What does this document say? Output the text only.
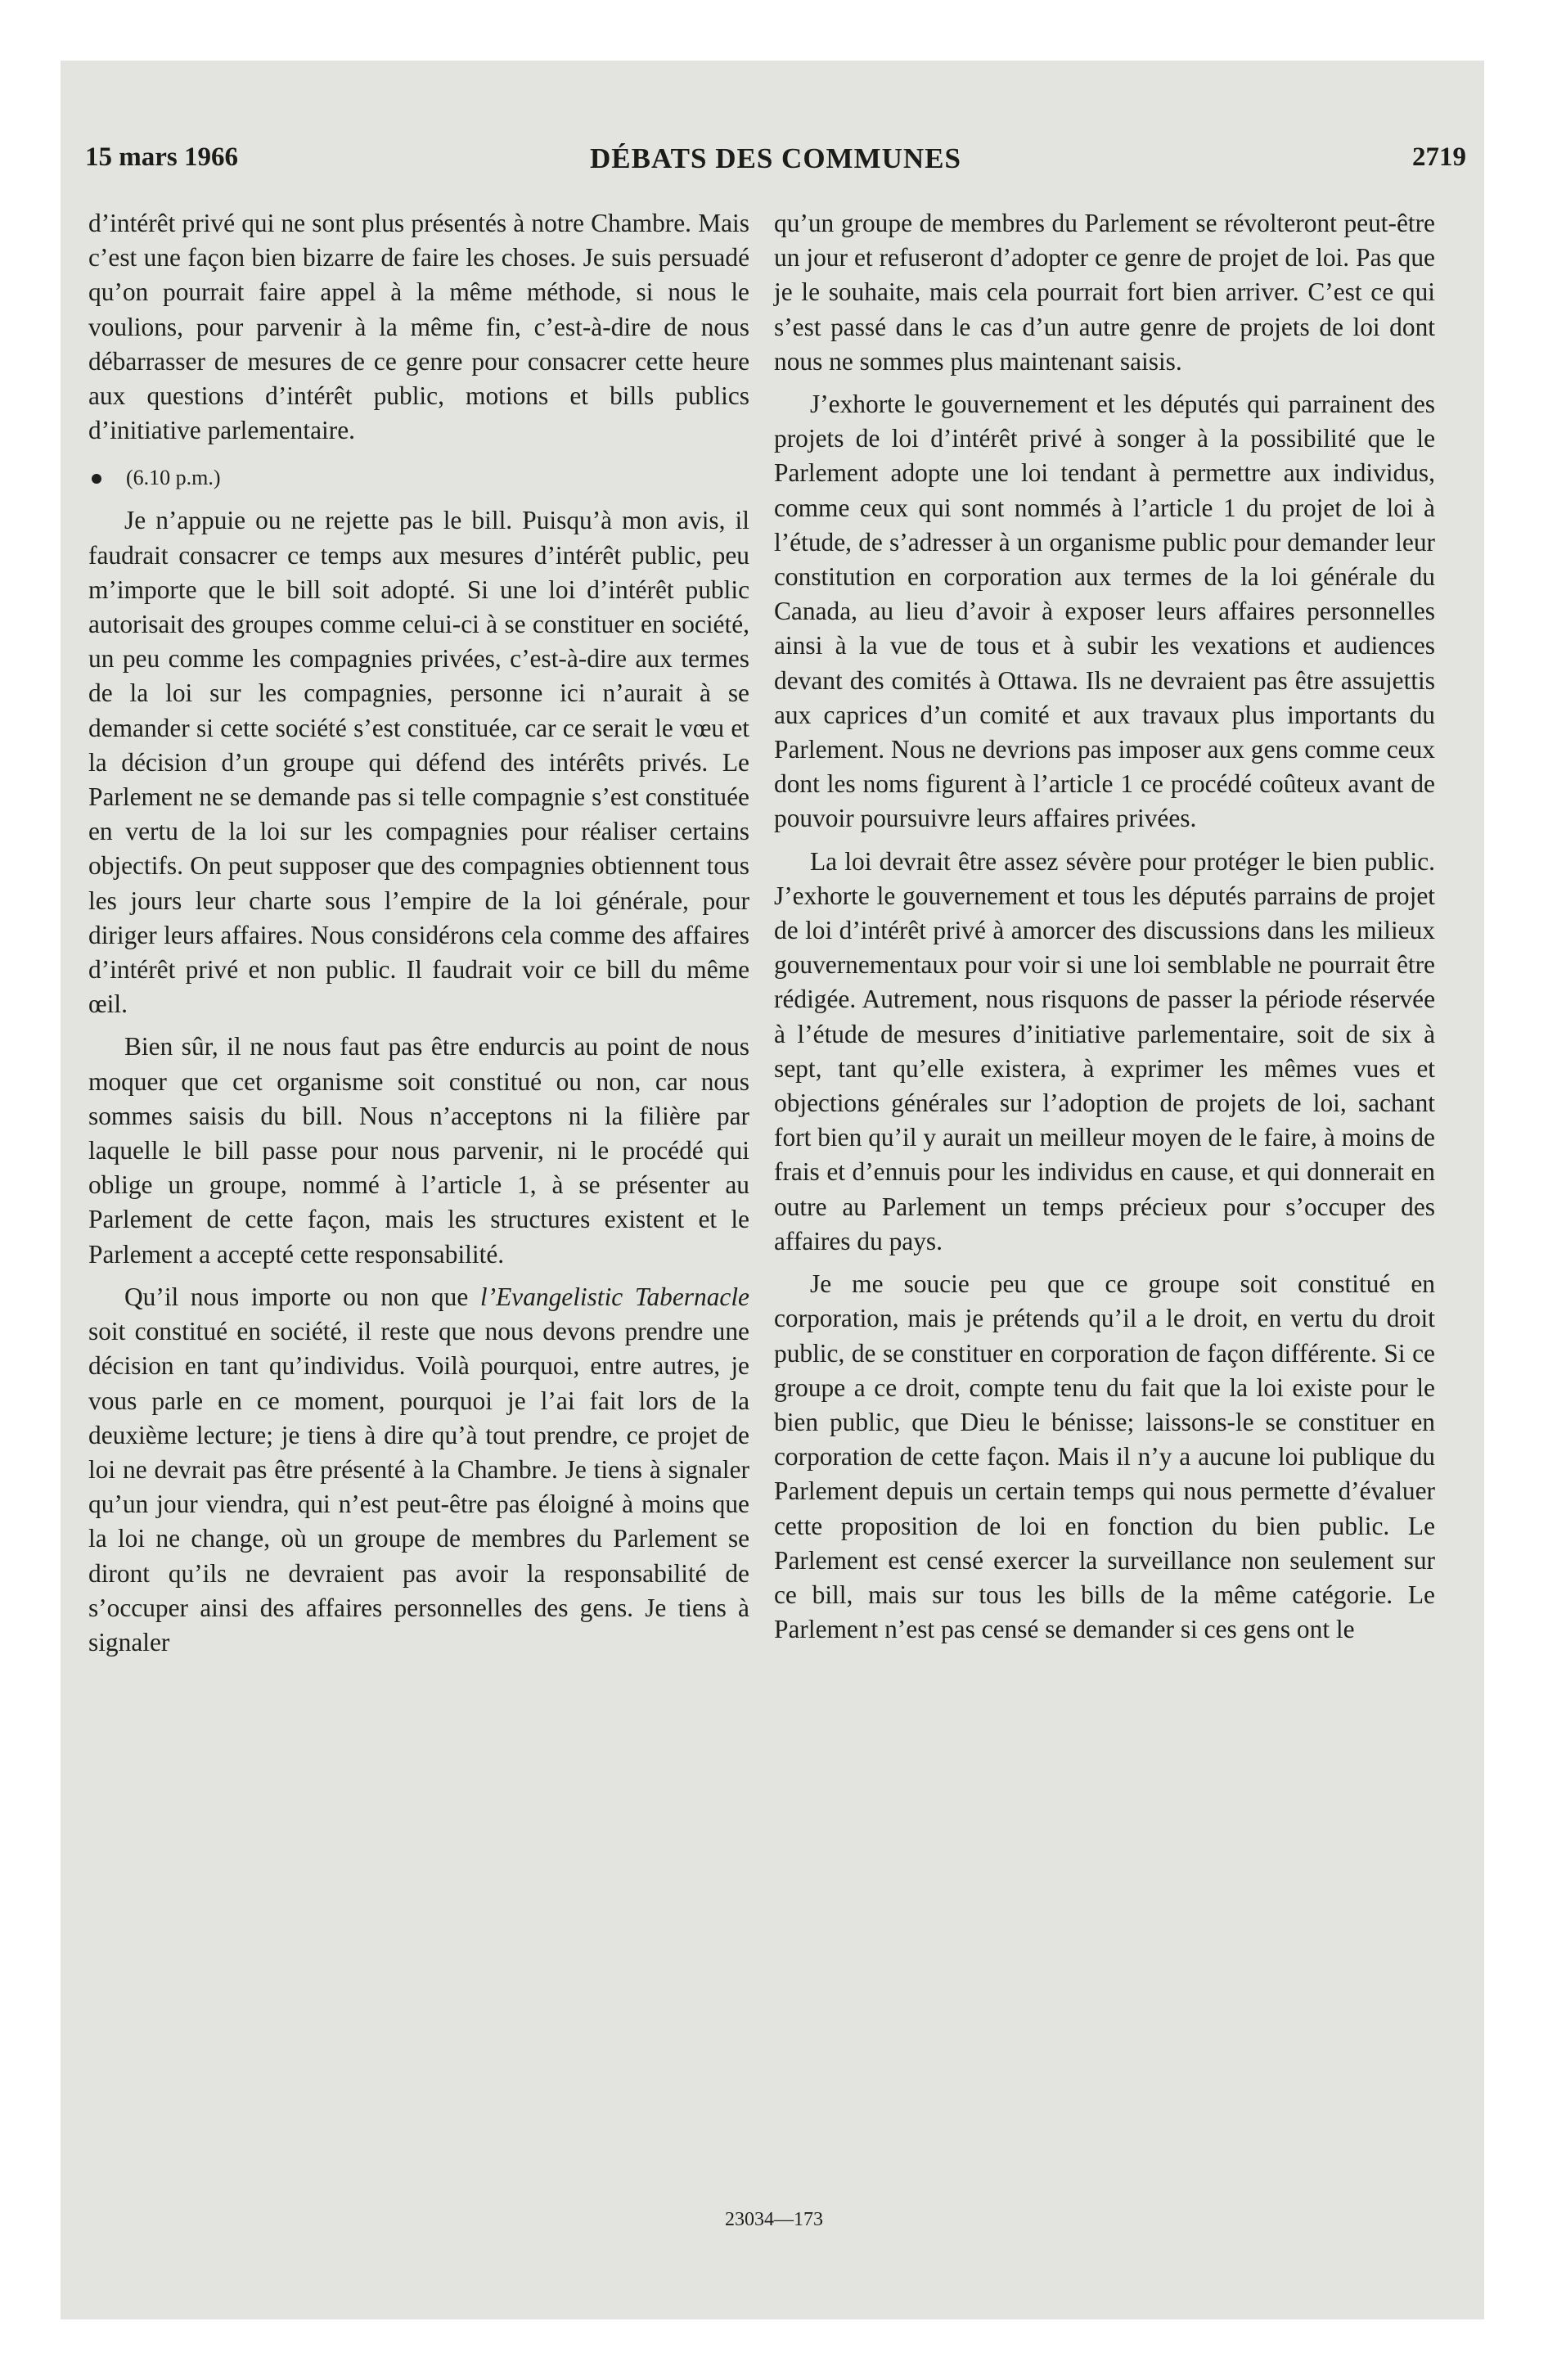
15 mars 1966	DÉBATS DES COMMUNES	2719

d’intérêt privé qui ne sont plus présentés à notre Chambre. Mais c’est une façon bien bizarre de faire les choses. Je suis persuadé qu’on pourrait faire appel à la même méthode, si nous le voulions, pour parvenir à la même fin, c’est-à-dire de nous débarrasser de mesures de ce genre pour consacrer cette heure aux questions d’intérêt public, motions et bills publics d’initiative parlementaire.

(6.10 p.m.)

Je n’appuie ou ne rejette pas le bill. Puisqu’à mon avis, il faudrait consacrer ce temps aux mesures d’intérêt public, peu m’importe que le bill soit adopté. Si une loi d’intérêt public autorisait des groupes comme celui-ci à se constituer en société, un peu comme les compagnies privées, c’est-à-dire aux termes de la loi sur les compagnies, personne ici n’aurait à se demander si cette société s’est constituée, car ce serait le vœu et la décision d’un groupe qui défend des intérêts privés. Le Parlement ne se demande pas si telle compagnie s’est constituée en vertu de la loi sur les compagnies pour réaliser certains objectifs. On peut supposer que des compagnies obtiennent tous les jours leur charte sous l’empire de la loi générale, pour diriger leurs affaires. Nous considérons cela comme des affaires d’intérêt privé et non public. Il faudrait voir ce bill du même œil.

Bien sûr, il ne nous faut pas être endurcis au point de nous moquer que cet organisme soit constitué ou non, car nous sommes saisis du bill. Nous n’acceptons ni la filière par laquelle le bill passe pour nous parvenir, ni le procédé qui oblige un groupe, nommé à l’article 1, à se présenter au Parlement de cette façon, mais les structures existent et le Parlement a accepté cette responsabilité.

Qu’il nous importe ou non que l’Evangelistic Tabernacle soit constitué en société, il reste que nous devons prendre une décision en tant qu’individus. Voilà pourquoi, entre autres, je vous parle en ce moment, pourquoi je l’ai fait lors de la deuxième lecture; je tiens à dire qu’à tout prendre, ce projet de loi ne devrait pas être présenté à la Chambre. Je tiens à signaler qu’un jour viendra, qui n’est peut-être pas éloigné à moins que la loi ne change, où un groupe de membres du Parlement se diront qu’ils ne devraient pas avoir la responsabilité de s’occuper ainsi des affaires personnelles des gens. Je tiens à signaler

qu’un groupe de membres du Parlement se révolteront peut-être un jour et refuseront d’adopter ce genre de projet de loi. Pas que je le souhaite, mais cela pourrait fort bien arriver. C’est ce qui s’est passé dans le cas d’un autre genre de projets de loi dont nous ne sommes plus maintenant saisis.

J’exhorte le gouvernement et les députés qui parrainent des projets de loi d’intérêt privé à songer à la possibilité que le Parlement adopte une loi tendant à permettre aux individus, comme ceux qui sont nommés à l’article 1 du projet de loi à l’étude, de s’adresser à un organisme public pour demander leur constitution en corporation aux termes de la loi générale du Canada, au lieu d’avoir à exposer leurs affaires personnelles ainsi à la vue de tous et à subir les vexations et audiences devant des comités à Ottawa. Ils ne devraient pas être assujettis aux caprices d’un comité et aux travaux plus importants du Parlement. Nous ne devrions pas imposer aux gens comme ceux dont les noms figurent à l’article 1 ce procédé coûteux avant de pouvoir poursuivre leurs affaires privées.

La loi devrait être assez sévère pour protéger le bien public. J’exhorte le gouvernement et tous les députés parrains de projet de loi d’intérêt privé à amorcer des discussions dans les milieux gouvernementaux pour voir si une loi semblable ne pourrait être rédigée. Autrement, nous risquons de passer la période réservée à l’étude de mesures d’initiative parlementaire, soit de six à sept, tant qu’elle existera, à exprimer les mêmes vues et objections générales sur l’adoption de projets de loi, sachant fort bien qu’il y aurait un meilleur moyen de le faire, à moins de frais et d’ennuis pour les individus en cause, et qui donnerait en outre au Parlement un temps précieux pour s’occuper des affaires du pays.

Je me soucie peu que ce groupe soit constitué en corporation, mais je prétends qu’il a le droit, en vertu du droit public, de se constituer en corporation de façon différente. Si ce groupe a ce droit, compte tenu du fait que la loi existe pour le bien public, que Dieu le bénisse; laissons-le se constituer en corporation de cette façon. Mais il n’y a aucune loi publique du Parlement depuis un certain temps qui nous permette d’évaluer cette proposition de loi en fonction du bien public. Le Parlement est censé exercer la surveillance non seulement sur ce bill, mais sur tous les bills de la même catégorie. Le Parlement n’est pas censé se demander si ces gens ont le

23034—173
